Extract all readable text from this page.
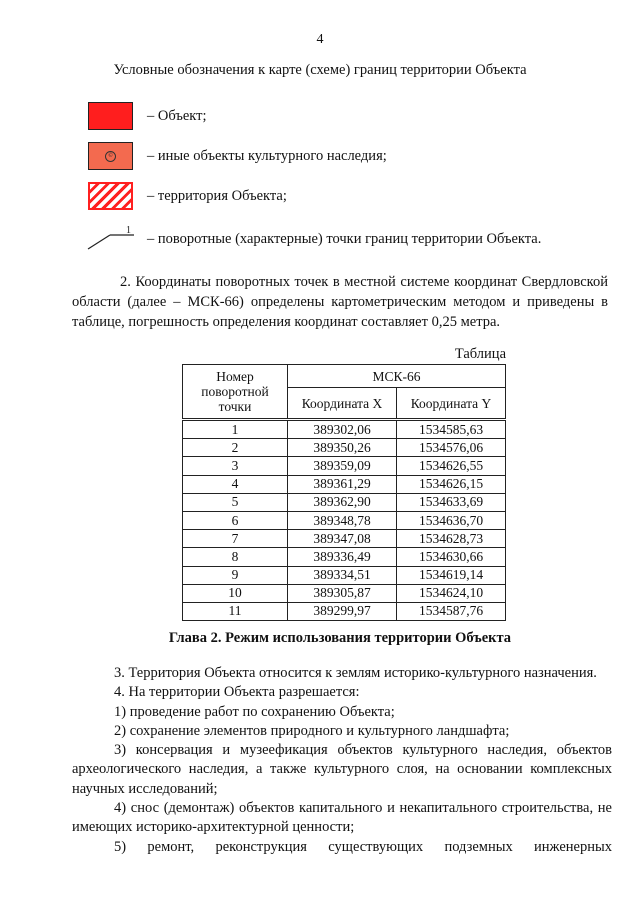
4
Условные обозначения к карте (схеме) границ территории Объекта
– Объект;
© – иные объекты культурного наследия;
– территория Объекта;
1 – поворотные (характерные) точки границ территории Объекта.
2. Координаты поворотных точек в местной системе координат Свердловской области (далее – МСК-66) определены картометрическим методом и приведены в таблице, погрешность определения координат составляет 0,25 метра.
Таблица
Номер поворотной точки	МСК-66	
	Координата X	Координата Y
1	389302,06	1534585,63
2	389350,26	1534576,06
3	389359,09	1534626,55
4	389361,29	1534626,15
5	389362,90	1534633,69
6	389348,78	1534636,70
7	389347,08	1534628,73
8	389336,49	1534630,66
9	389334,51	1534619,14
10	389305,87	1534624,10
11	389299,97	1534587,76
Глава 2. Режим использования территории Объекта

3. Территория Объекта относится к землям историко-культурного назначения.

4. На территории Объекта разрешается:

1) проведение работ по сохранению Объекта;

2) сохранение элементов природного и культурного ландшафта;

3) консервация и музеефикация объектов культурного наследия, объектов археологического наследия, а также культурного слоя, на основании комплексных научных исследований;

4) снос (демонтаж) объектов капитального и некапитального строительства, не имеющих историко-архитектурной ценности;

5) ремонт, реконструкция существующих подземных инженерных
